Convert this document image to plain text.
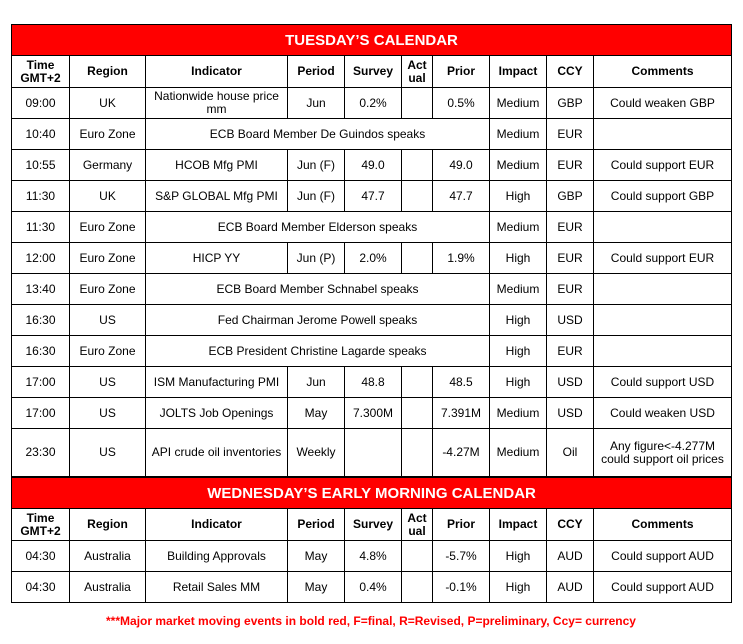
TUESDAY’S CALENDAR									
Time GMT+2	Region	Indicator	Period	Survey	Act ual	Prior	Impact	CCY	Comments
09:00	UK	Nationwide house price mm	Jun	0.2%		0.5%	Medium	GBP	Could weaken GBP
10:40	Euro Zone	ECB Board Member De Guindos speaks					Medium	EUR	
10:55	Germany	HCOB Mfg PMI	Jun (F)	49.0		49.0	Medium	EUR	Could support EUR
11:30	UK	S&P GLOBAL Mfg PMI	Jun (F)	47.7		47.7	High	GBP	Could support GBP
11:30	Euro Zone	ECB Board Member Elderson speaks					Medium	EUR	
12:00	Euro Zone	HICP YY	Jun (P)	2.0%		1.9%	High	EUR	Could support EUR
13:40	Euro Zone	ECB Board Member Schnabel speaks					Medium	EUR	
16:30	US	Fed Chairman Jerome Powell speaks					High	USD	
16:30	Euro Zone	ECB President Christine Lagarde speaks					High	EUR	
17:00	US	ISM Manufacturing PMI	Jun	48.8		48.5	High	USD	Could support USD
17:00	US	JOLTS Job Openings	May	7.300M		7.391M	Medium	USD	Could weaken USD
23:30	US	API crude oil inventories	Weekly			-4.27M	Medium	Oil	Any figure<-4.277M could support oil prices
WEDNESDAY’S EARLY MORNING CALENDAR									
Time GMT+2	Region	Indicator	Period	Survey	Act ual	Prior	Impact	CCY	Comments
04:30	Australia	Building Approvals	May	4.8%		-5.7%	High	AUD	Could support AUD
04:30	Australia	Retail Sales MM	May	0.4%		-0.1%	High	AUD	Could support AUD
***Major market moving events in bold red, F=final, R=Revised, P=preliminary, Ccy= currency
